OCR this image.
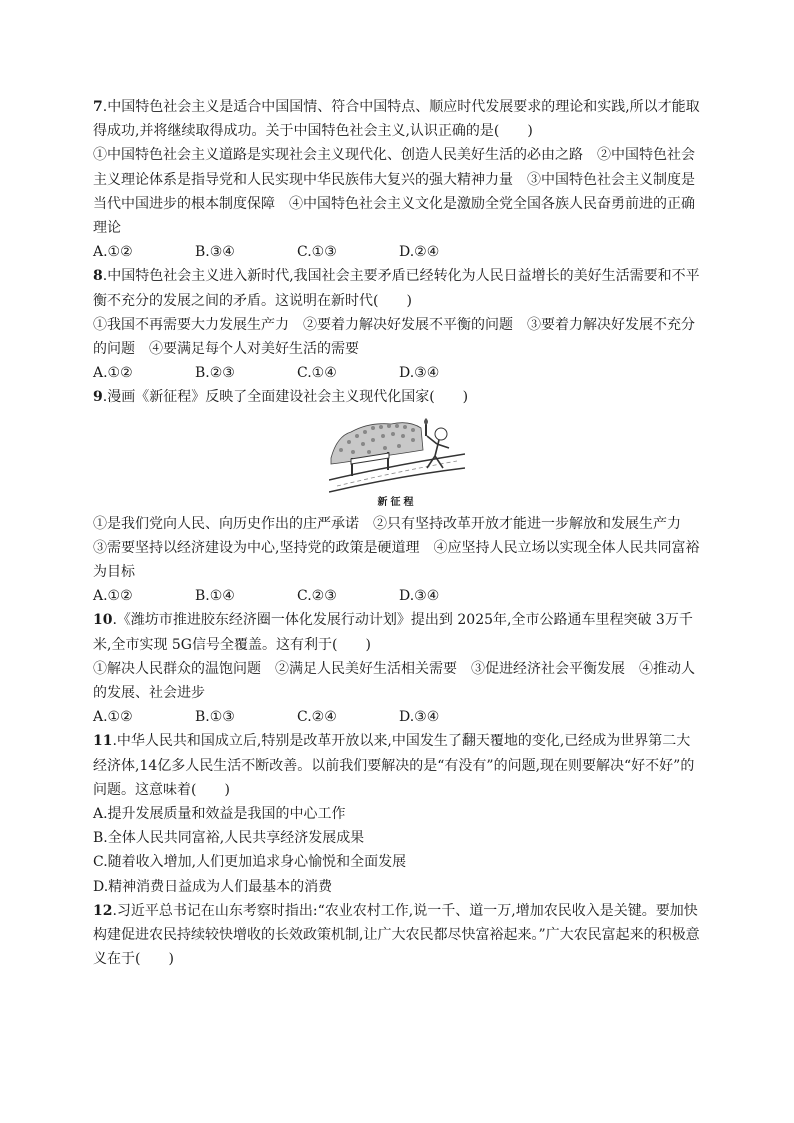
7.中国特色社会主义是适合中国国情、符合中国特点、顺应时代发展要求的理论和实践,所以才能取得成功,并将继续取得成功。关于中国特色社会主义,认识正确的是(　　)

①中国特色社会主义道路是实现社会主义现代化、创造人民美好生活的必由之路　②中国特色社会主义理论体系是指导党和人民实现中华民族伟大复兴的强大精神力量　③中国特色社会主义制度是当代中国进步的根本制度保障　④中国特色社会主义文化是激励全党全国各族人民奋勇前进的正确理论

A.①②	B.③④	C.①③	D.②④

8.中国特色社会主义进入新时代,我国社会主要矛盾已经转化为人民日益增长的美好生活需要和不平衡不充分的发展之间的矛盾。这说明在新时代(　　)

①我国不再需要大力发展生产力　②要着力解决好发展不平衡的问题　③要着力解决好发展不充分的问题　④要满足每个人对美好生活的需要

A.①②	B.②③	C.①④	D.③④

9.漫画《新征程》反映了全面建设社会主义现代化国家(　　)

新征程

①是我们党向人民、向历史作出的庄严承诺　②只有坚持改革开放才能进一步解放和发展生产力　③需要坚持以经济建设为中心,坚持党的政策是硬道理　④应坚持人民立场以实现全体人民共同富裕为目标

A.①②	B.①④	C.②③	D.③④

10.《潍坊市推进胶东经济圈一体化发展行动计划》提出到 2025年,全市公路通车里程突破 3万千米,全市实现 5G信号全覆盖。这有利于(　　)

①解决人民群众的温饱问题　②满足人民美好生活相关需要　③促进经济社会平衡发展　④推动人的发展、社会进步

A.①②	B.①③	C.②④	D.③④

11.中华人民共和国成立后,特别是改革开放以来,中国发生了翻天覆地的变化,已经成为世界第二大经济体,14亿多人民生活不断改善。以前我们要解决的是“有没有”的问题,现在则要解决“好不好”的问题。这意味着(　　)

A.提升发展质量和效益是我国的中心工作

B.全体人民共同富裕,人民共享经济发展成果

C.随着收入增加,人们更加追求身心愉悦和全面发展

D.精神消费日益成为人们最基本的消费

12.习近平总书记在山东考察时指出:“农业农村工作,说一千、道一万,增加农民收入是关键。要加快构建促进农民持续较快增收的长效政策机制,让广大农民都尽快富裕起来。”广大农民富起来的积极意义在于(　　)
